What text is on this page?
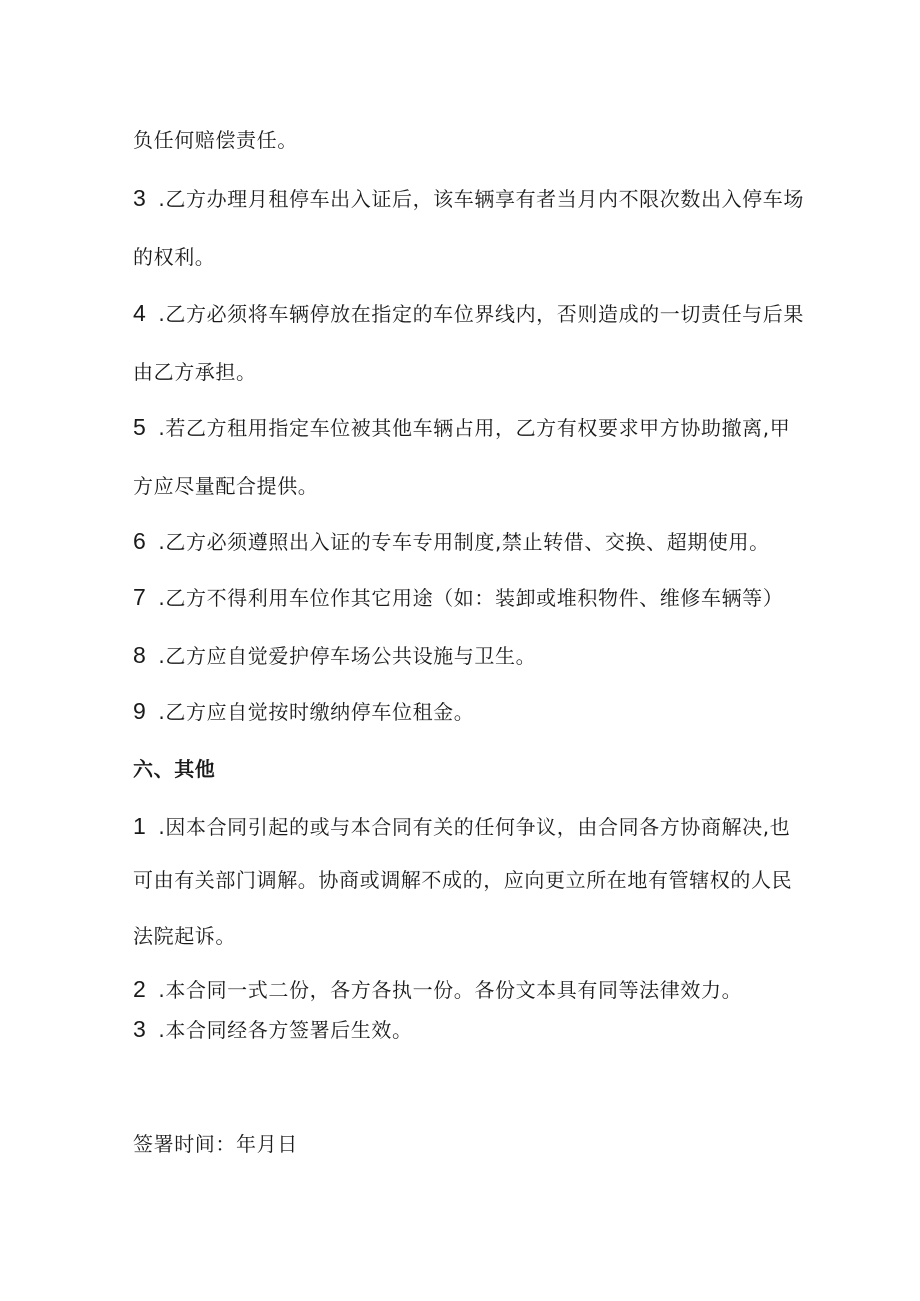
负任何赔偿责任。
3 .乙方办理月租停车出入证后，该车辆享有者当月内不限次数出入停车场
的权利。
4 .乙方必须将车辆停放在指定的车位界线内，否则造成的一切责任与后果
由乙方承担。
5 .若乙方租用指定车位被其他车辆占用，乙方有权要求甲方协助撤离,甲
方应尽量配合提供。
6 .乙方必须遵照出入证的专车专用制度,禁止转借、交换、超期使用。
7 .乙方不得利用车位作其它用途（如：装卸或堆积物件、维修车辆等）
8 .乙方应自觉爱护停车场公共设施与卫生。
9 .乙方应自觉按时缴纳停车位租金。
六、其他
1 .因本合同引起的或与本合同有关的任何争议，由合同各方协商解决,也
可由有关部门调解。协商或调解不成的，应向更立所在地有管辖权的人民
法院起诉。
2 .本合同一式二份，各方各执一份。各份文本具有同等法律效力。
3 .本合同经各方签署后生效。
签署时间：年月日
